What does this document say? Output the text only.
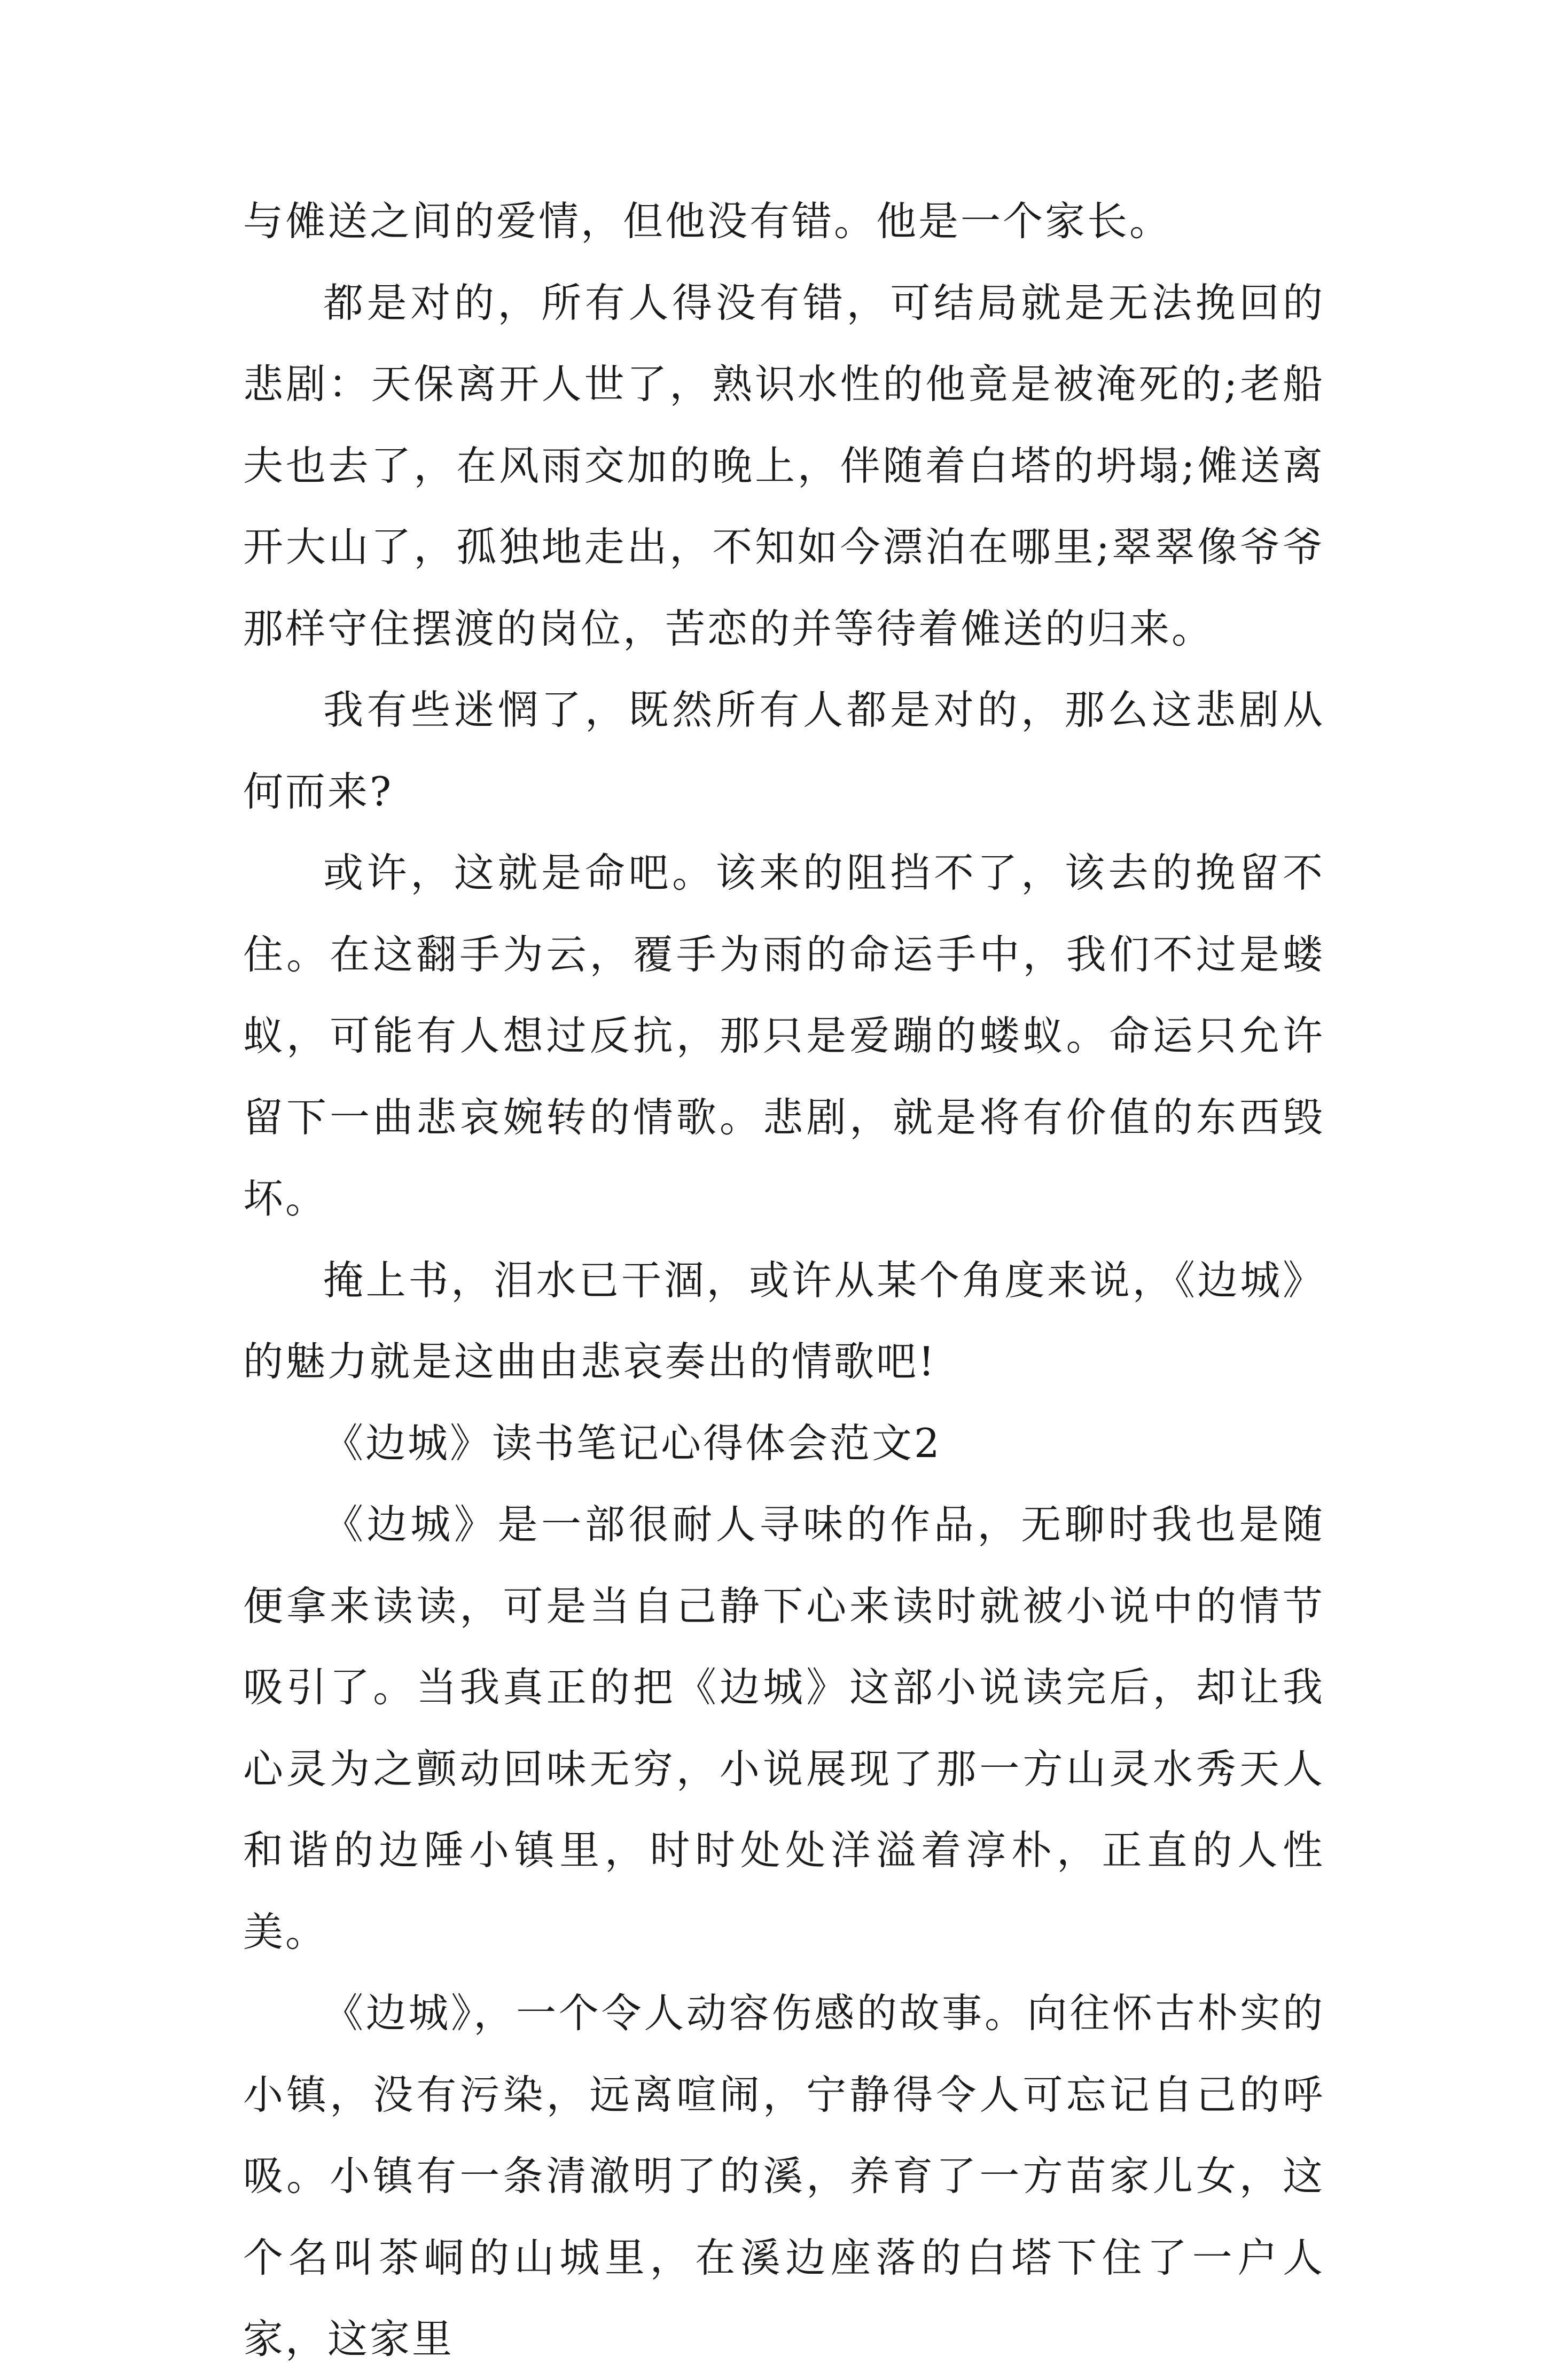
与傩送之间的爱情，但他没有错。他是一个家长。

都是对的，所有人得没有错，可结局就是无法挽回的悲剧：天保离开人世了，熟识水性的他竟是被淹死的;老船夫也去了，在风雨交加的晚上，伴随着白塔的坍塌;傩送离开大山了，孤独地走出，不知如今漂泊在哪里;翠翠像爷爷那样守住摆渡的岗位，苦恋的并等待着傩送的归来。

我有些迷惘了，既然所有人都是对的，那么这悲剧从何而来?

或许，这就是命吧。该来的阻挡不了，该去的挽留不住。在这翻手为云，覆手为雨的命运手中，我们不过是蝼蚁，可能有人想过反抗，那只是爱蹦的蝼蚁。命运只允许留下一曲悲哀婉转的情歌。悲剧，就是将有价值的东西毁坏。

掩上书，泪水已干涸，或许从某个角度来说，《边城》的魅力就是这曲由悲哀奏出的情歌吧!

《边城》读书笔记心得体会范文2

《边城》是一部很耐人寻味的作品，无聊时我也是随便拿来读读，可是当自己静下心来读时就被小说中的情节吸引了。当我真正的把《边城》这部小说读完后，却让我心灵为之颤动回味无穷，小说展现了那一方山灵水秀天人和谐的边陲小镇里，时时处处洋溢着淳朴，正直的人性美。

《边城》，一个令人动容伤感的故事。向往怀古朴实的小镇，没有污染，远离喧闹，宁静得令人可忘记自己的呼吸。小镇有一条清澈明了的溪，养育了一方苗家儿女，这个名叫茶峒的山城里，在溪边座落的白塔下住了一户人家，这家里
